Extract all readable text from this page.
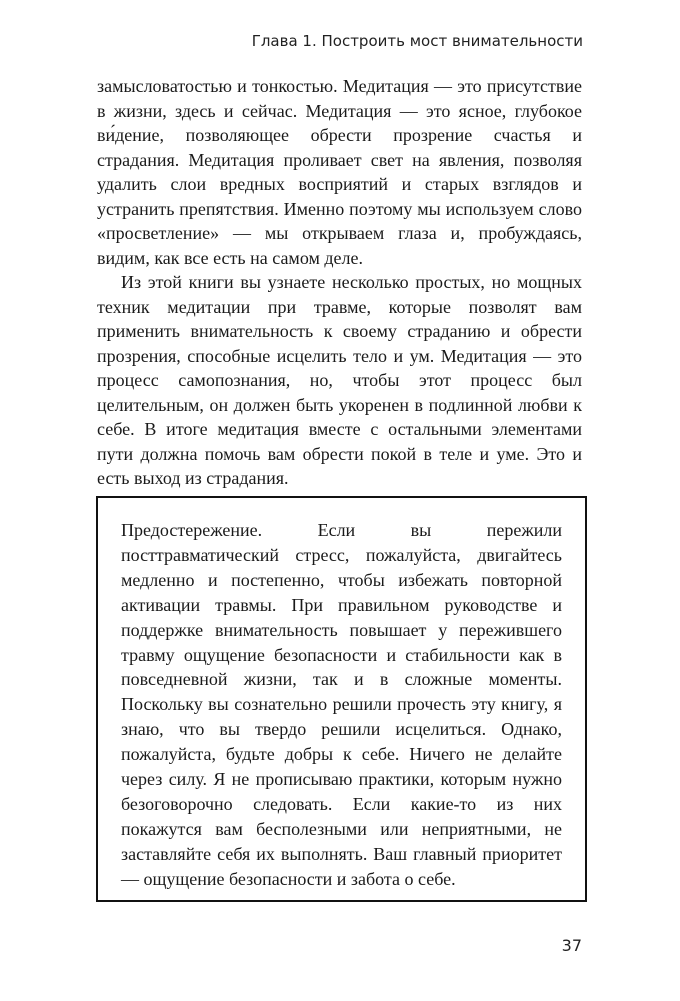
Глава 1. Построить мост внимательности

замысловатостью и тонкостью. Медитация — это присутствие в жизни, здесь и сейчас. Медитация — это ясное, глубокое ви́дение, позволяющее обрести прозрение счастья и страдания. Медитация проливает свет на явления, позволяя удалить слои вредных восприятий и старых взглядов и устранить препятствия. Именно поэтому мы используем слово «просветление» — мы открываем глаза и, пробуждаясь, видим, как все есть на самом деле.

Из этой книги вы узнаете несколько простых, но мощных техник медитации при травме, которые позволят вам применить внимательность к своему страданию и обрести прозрения, способные исцелить тело и ум. Медитация — это процесс самопознания, но, чтобы этот процесс был целительным, он должен быть укоренен в подлинной любви к себе. В итоге медитация вместе с остальными элементами пути должна помочь вам обрести покой в теле и уме. Это и есть выход из страдания.

Предостережение. Если вы пережили посттравматический стресс, пожалуйста, двигайтесь медленно и постепенно, чтобы избежать повторной активации травмы. При правильном руководстве и поддержке внимательность повышает у пережившего травму ощущение безопасности и стабильности как в повседневной жизни, так и в сложные моменты. Поскольку вы сознательно решили прочесть эту книгу, я знаю, что вы твердо решили исцелиться. Однако, пожалуйста, будьте добры к себе. Ничего не делайте через силу. Я не прописываю практики, которым нужно безоговорочно следовать. Если какие-то из них покажутся вам бесполезными или неприятными, не заставляйте себя их выполнять. Ваш главный приоритет — ощущение безопасности и забота о себе.

37
